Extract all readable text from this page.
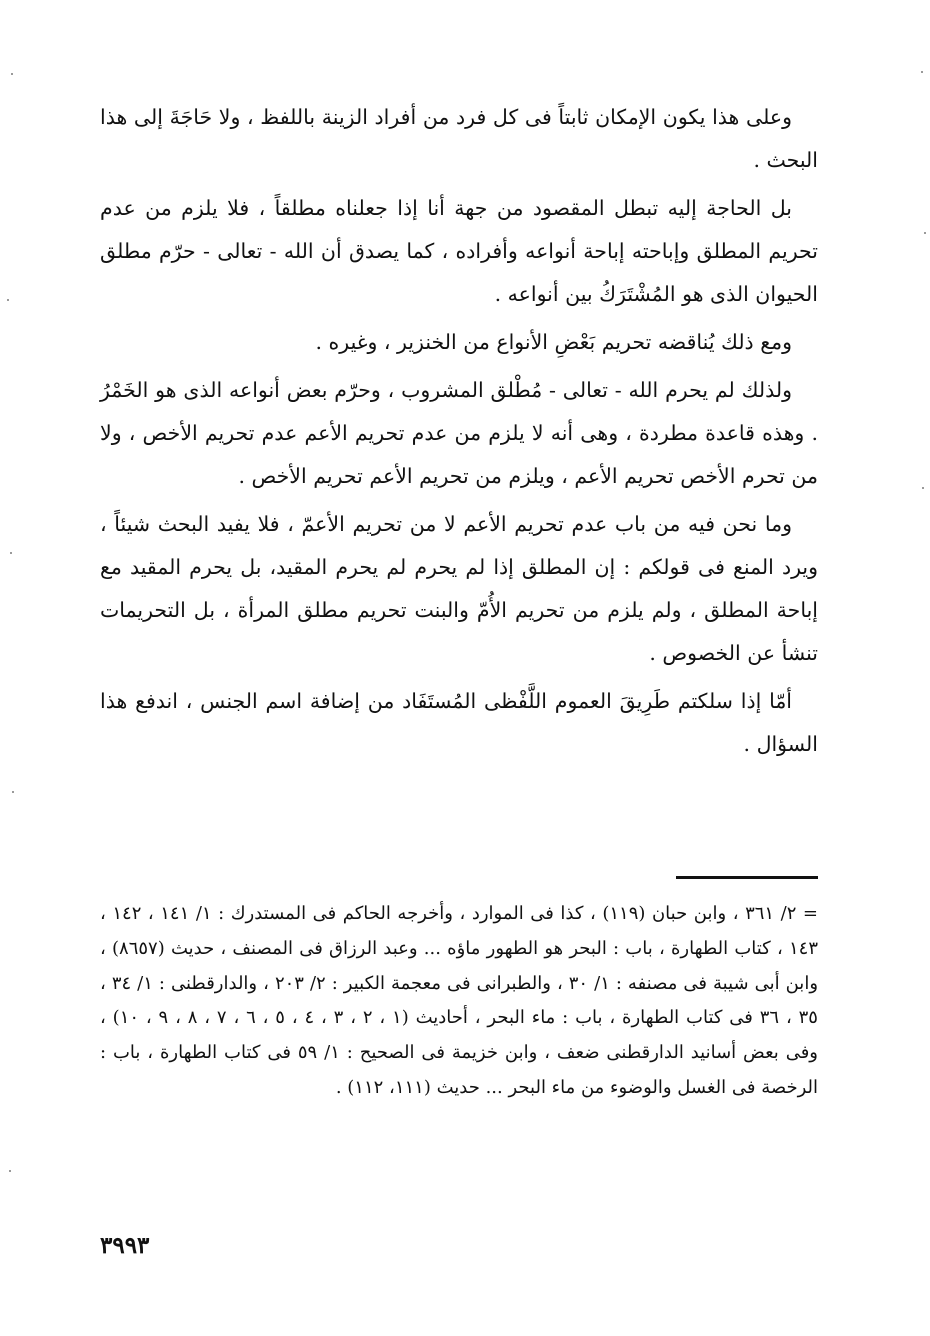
وعلى هذا يكون الإمكان ثابتاً فى كل فرد من أفراد الزينة باللفظ ، ولا حَاجَةَ إلى هذا البحث .

بل الحاجة إليه تبطل المقصود من جهة أنا إذا جعلناه مطلقاً ، فلا يلزم من عدم تحريم المطلق وإباحته إباحة أنواعه وأفراده ، كما يصدق أن الله - تعالى - حرّم مطلق الحيوان الذى هو المُشْتَرَكُ بين أنواعه .

ومع ذلك يُناقضه تحريم بَعْضِ الأنواع من الخنزير ، وغيره .

ولذلك لم يحرم الله - تعالى - مُطْلق المشروب ، وحرّم بعض أنواعه الذى هو الخَمْرُ . وهذه قاعدة مطردة ، وهى أنه لا يلزم من عدم تحريم الأعم عدم تحريم الأخص ، ولا من تحرم الأخص تحريم الأعم ، ويلزم من تحريم الأعم تحريم الأخص .

وما نحن فيه من باب عدم تحريم الأعم لا من تحريم الأعمّ ، فلا يفيد البحث شيئاً ، ويرد المنع فى قولكم : إن المطلق إذا لم يحرم لم يحرم المقيد، بل يحرم المقيد مع إباحة المطلق ، ولم يلزم من تحريم الأُمّ والبنت تحريم مطلق المرأة ، بل التحريمات تنشأ عن الخصوص .

أمّا إذا سلكتم طَرِيقَ العموم اللَّفْظى المُستَفَاد من إضافة اسم الجنس ، اندفع هذا السؤال .

= ٢/ ٣٦١ ، وابن حبان (١١٩) ، كذا فى الموارد ، وأخرجه الحاكم فى المستدرك : ١/ ١٤١ ، ١٤٢ ، ١٤٣ ، كتاب الطهارة ، باب : البحر هو الطهور ماؤه ... وعبد الرزاق فى المصنف ، حديث (٨٦٥٧) ، وابن أبى شيبة فى مصنفه : ١/ ٣٠ ، والطبرانى فى معجمة الكبير : ٢/ ٢٠٣ ، والدارقطنى : ١/ ٣٤ ، ٣٥ ، ٣٦ فى كتاب الطهارة ، باب : ماء البحر ، أحاديث (١ ، ٢ ، ٣ ، ٤ ، ٥ ، ٦ ، ٧ ، ٨ ، ٩ ، ١٠) ، وفى بعض أسانيد الدارقطنى ضعف ، وابن خزيمة فى الصحيح : ١/ ٥٩ فى كتاب الطهارة ، باب : الرخصة فى الغسل والوضوء من ماء البحر ... حديث (١١١، ١١٢) .

٣٩٩٣
